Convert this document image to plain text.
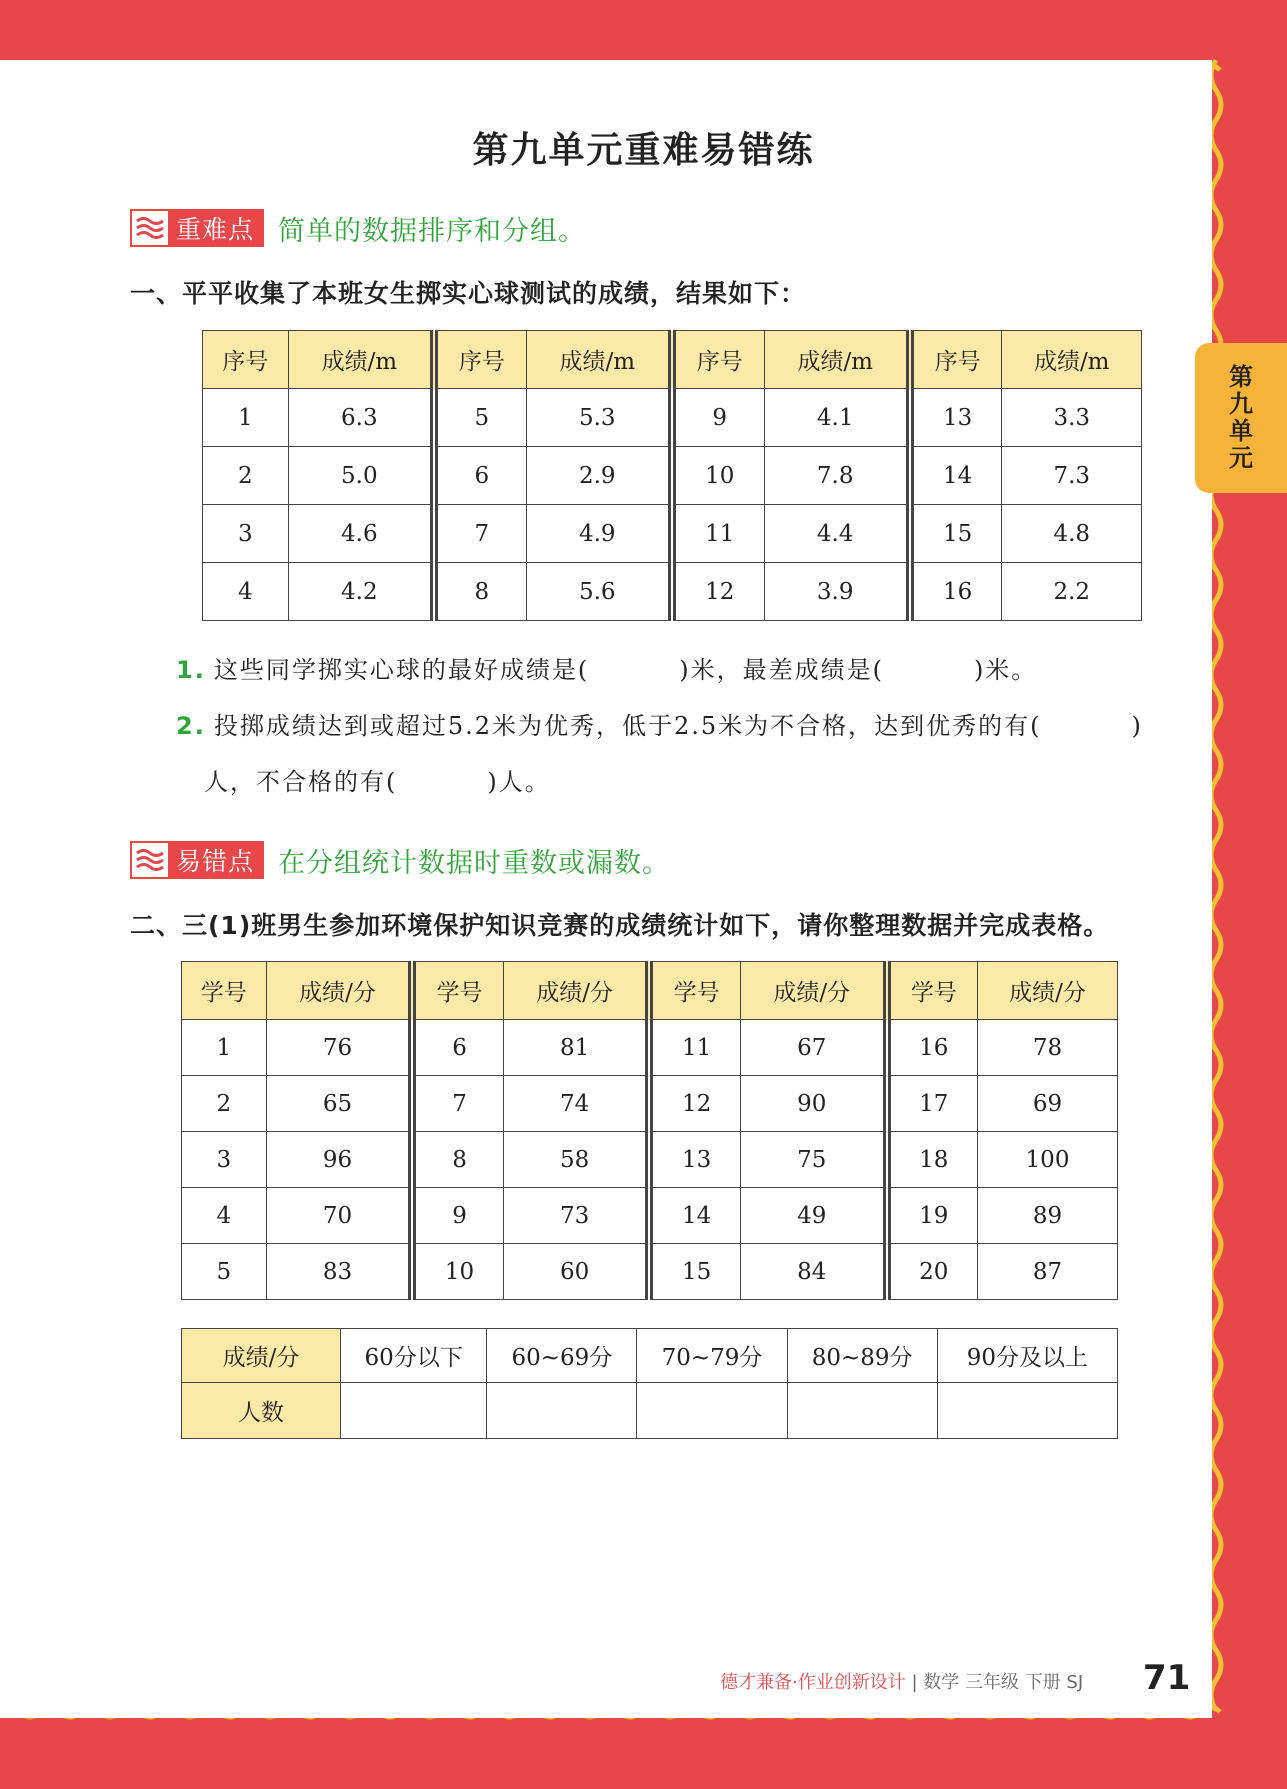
第
九
单
元
第九单元重难易错练
重难点 简单的数据排序和分组。
一、平平收集了本班女生掷实心球测试的成绩，结果如下：
序号	成绩/m	序号	成绩/m	序号	成绩/m	序号	成绩/m
1	6.3	5	5.3	9	4.1	13	3.3
2	5.0	6	2.9	10	7.8	14	7.3
3	4.6	7	4.9	11	4.4	15	4.8
4	4.2	8	5.6	12	3.9	16	2.2
1. 这些同学掷实心球的最好成绩是(	)米，最差成绩是(	)米。
2. 投掷成绩达到或超过5.2米为优秀，低于2.5米为不合格，达到优秀的有(	)
人，不合格的有(	)人。
易错点 在分组统计数据时重数或漏数。
二、三(1)班男生参加环境保护知识竞赛的成绩统计如下，请你整理数据并完成表格。
学号	成绩/分	学号	成绩/分	学号	成绩/分	学号	成绩/分
1	76	6	81	11	67	16	78
2	65	7	74	12	90	17	69
3	96	8	58	13	75	18	100
4	70	9	73	14	49	19	89
5	83	10	60	15	84	20	87
成绩/分	60分以下	60~69分	70~79分	80~89分	90分及以上
人数					
德才兼备·作业创新设计 | 数学 三年级 下册 SJ 71
